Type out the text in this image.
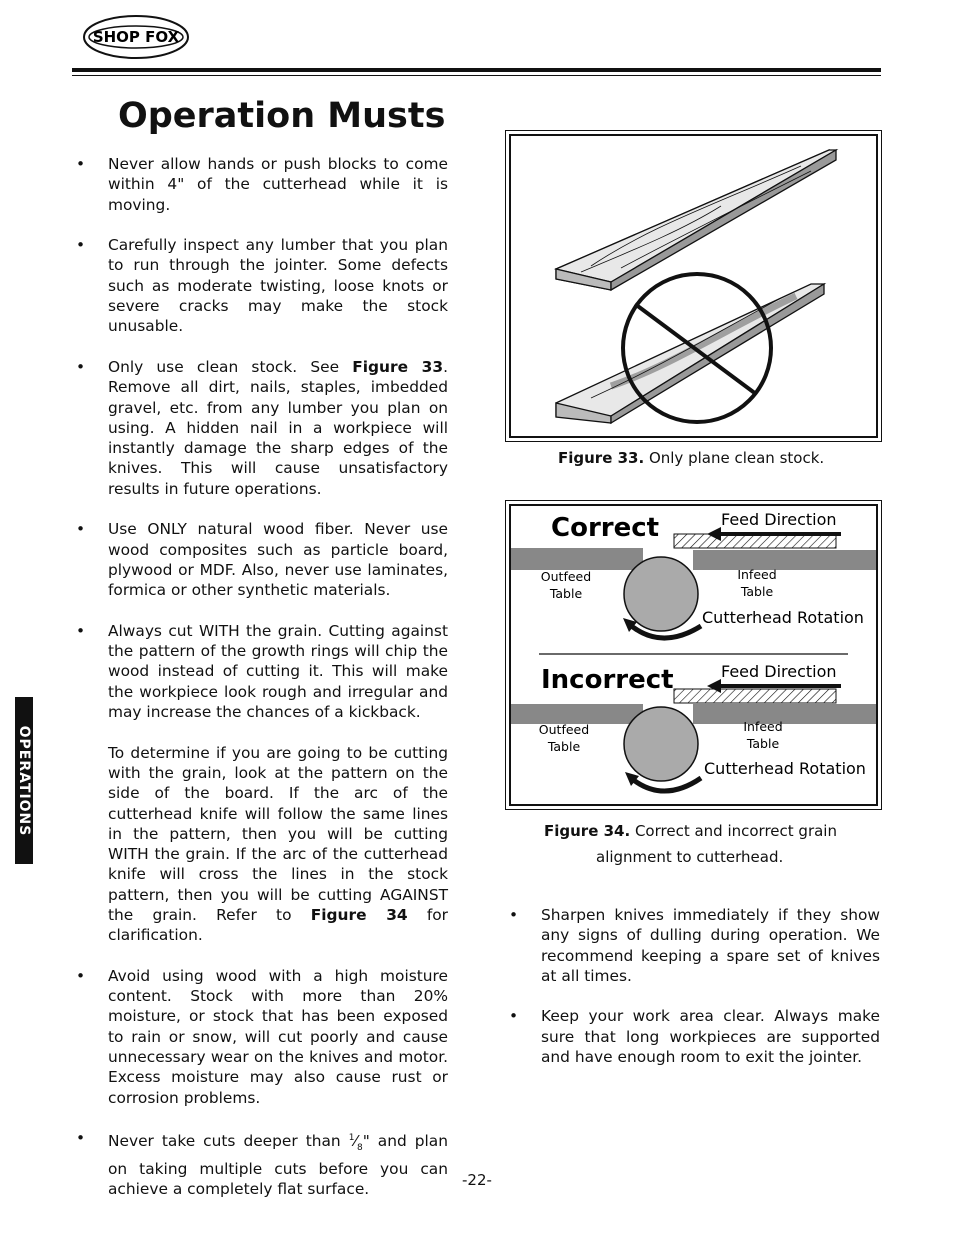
SHOP FOX
Operation Musts
OPERATIONS
• Never allow hands or push blocks to come within 4" of the cutterhead while it is moving.
• Carefully inspect any lumber that you plan to run through the jointer. Some defects such as moderate twisting, loose knots or severe cracks may make the stock unusable.
• Only use clean stock. See Figure 33. Remove all dirt, nails, staples, imbedded gravel, etc. from any lumber you plan on using. A hidden nail in a workpiece will instantly damage the sharp edges of the knives. This will cause unsatisfactory results in future operations.
• Use ONLY natural wood fiber. Never use wood composites such as particle board, plywood or MDF. Also, never use laminates, formica or other synthetic materials.
• Always cut WITH the grain. Cutting against the pattern of the growth rings will chip the wood instead of cutting it. This will make the workpiece look rough and irregular and may increase the chances of a kickback.
To determine if you are going to be cutting with the grain, look at the pattern on the side of the board. If the arc of the cutterhead knife will follow the same lines in the pattern, then you will be cutting WITH the grain. If the arc of the cutterhead knife will cross the lines in the stock pattern, then you will be cutting AGAINST the grain. Refer to Figure 34 for clarification.
• Avoid using wood with a high moisture content. Stock with more than 20% moisture, or stock that has been exposed to rain or snow, will cut poorly and cause unnecessary wear on the knives and motor. Excess moisture may also cause rust or corrosion problems.
• Never take cuts deeper than $^1⁄_8$" and plan on taking multiple cuts before you can achieve a completely flat surface.
Figure 33. Only plane clean stock.
Correct	Feed Direction
Outfeed
Table
Infeed
Table
Cutterhead Rotation
Incorrect	Feed Direction
Outfeed
Table
Infeed
Table
Cutterhead Rotation
Figure 34. Correct and incorrect grain
alignment to cutterhead.
• Sharpen knives immediately if they show any signs of dulling during operation. We recommend keeping a spare set of knives at all times.
• Keep your work area clear. Always make sure that long workpieces are supported and have enough room to exit the jointer.
-22-
